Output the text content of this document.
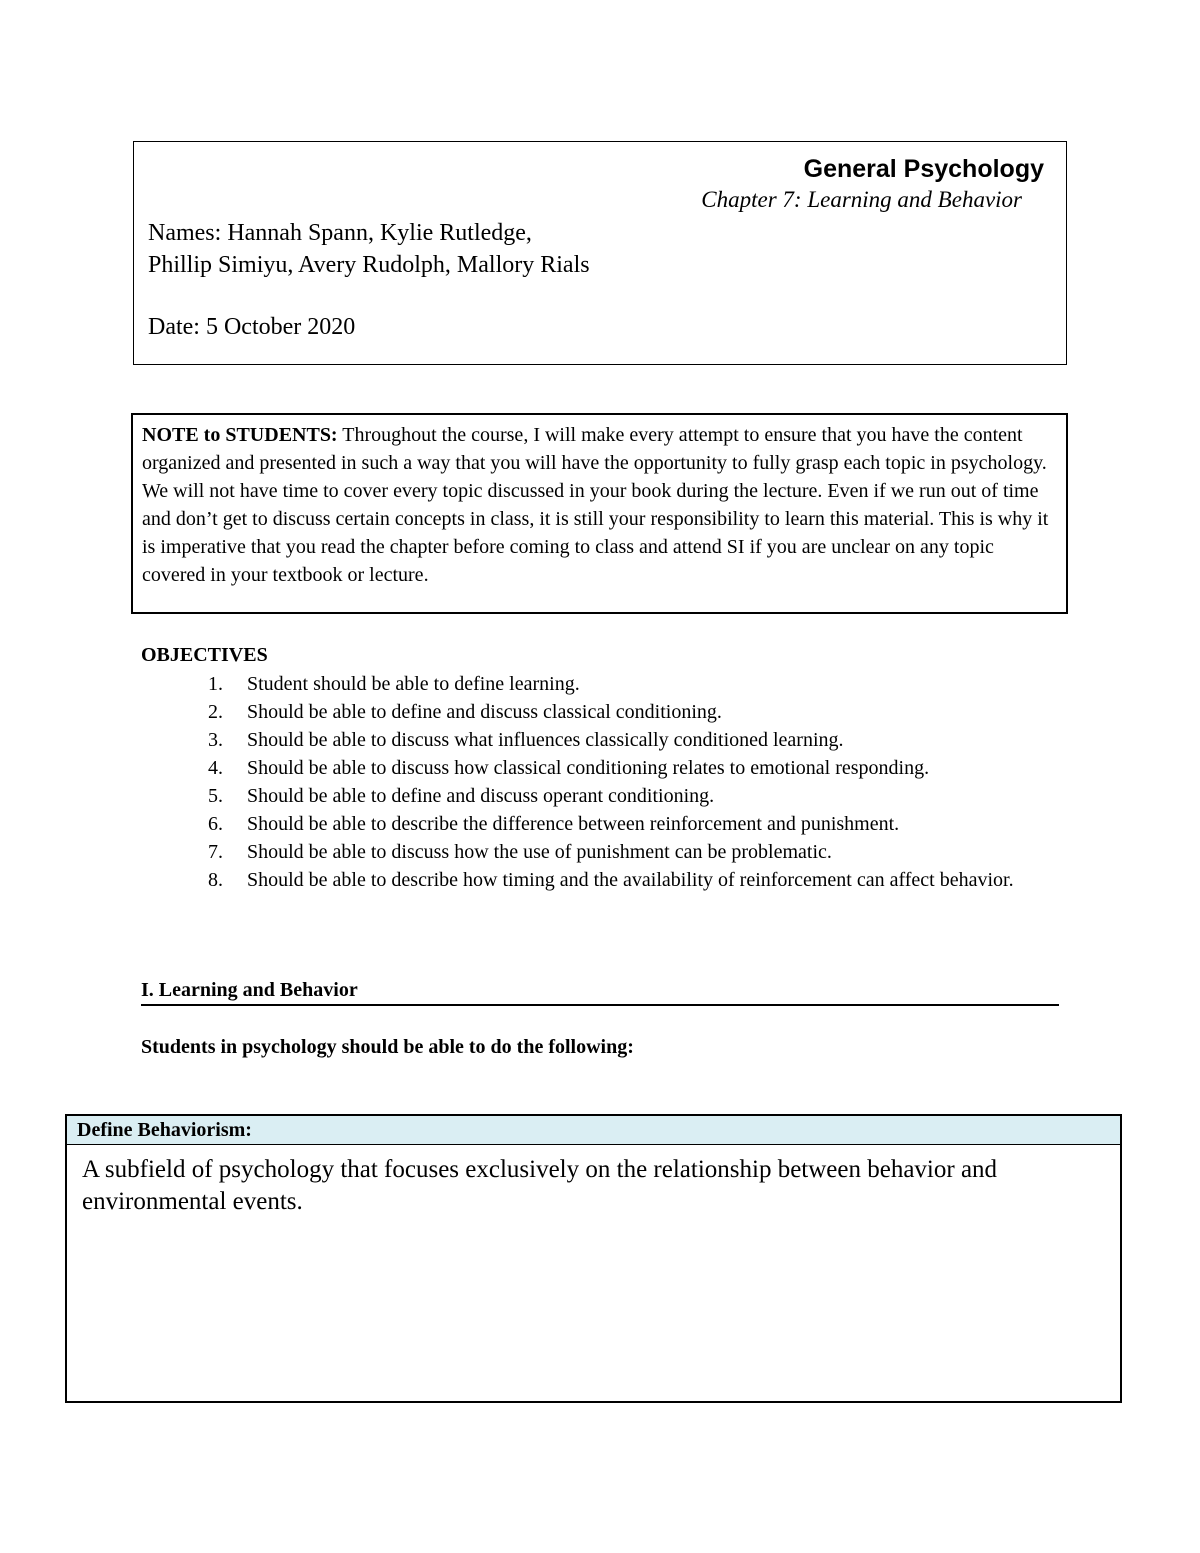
General Psychology
Chapter 7: Learning and Behavior
Names: Hannah Spann, Kylie Rutledge,
Phillip Simiyu, Avery Rudolph, Mallory Rials
Date: 5 October 2020
NOTE to STUDENTS: Throughout the course, I will make every attempt to ensure that you have the content organized and presented in such a way that you will have the opportunity to fully grasp each topic in psychology. We will not have time to cover every topic discussed in your book during the lecture. Even if we run out of time and don’t get to discuss certain concepts in class, it is still your responsibility to learn this material. This is why it is imperative that you read the chapter before coming to class and attend SI if you are unclear on any topic covered in your textbook or lecture.
OBJECTIVES
1. Student should be able to define learning.
2. Should be able to define and discuss classical conditioning.
3. Should be able to discuss what influences classically conditioned learning.
4. Should be able to discuss how classical conditioning relates to emotional responding.
5. Should be able to define and discuss operant conditioning.
6. Should be able to describe the difference between reinforcement and punishment.
7. Should be able to discuss how the use of punishment can be problematic.
8. Should be able to describe how timing and the availability of reinforcement can affect behavior.
I. Learning and Behavior
Students in psychology should be able to do the following:
Define Behaviorism:
A subfield of psychology that focuses exclusively on the relationship between behavior and environmental events.
